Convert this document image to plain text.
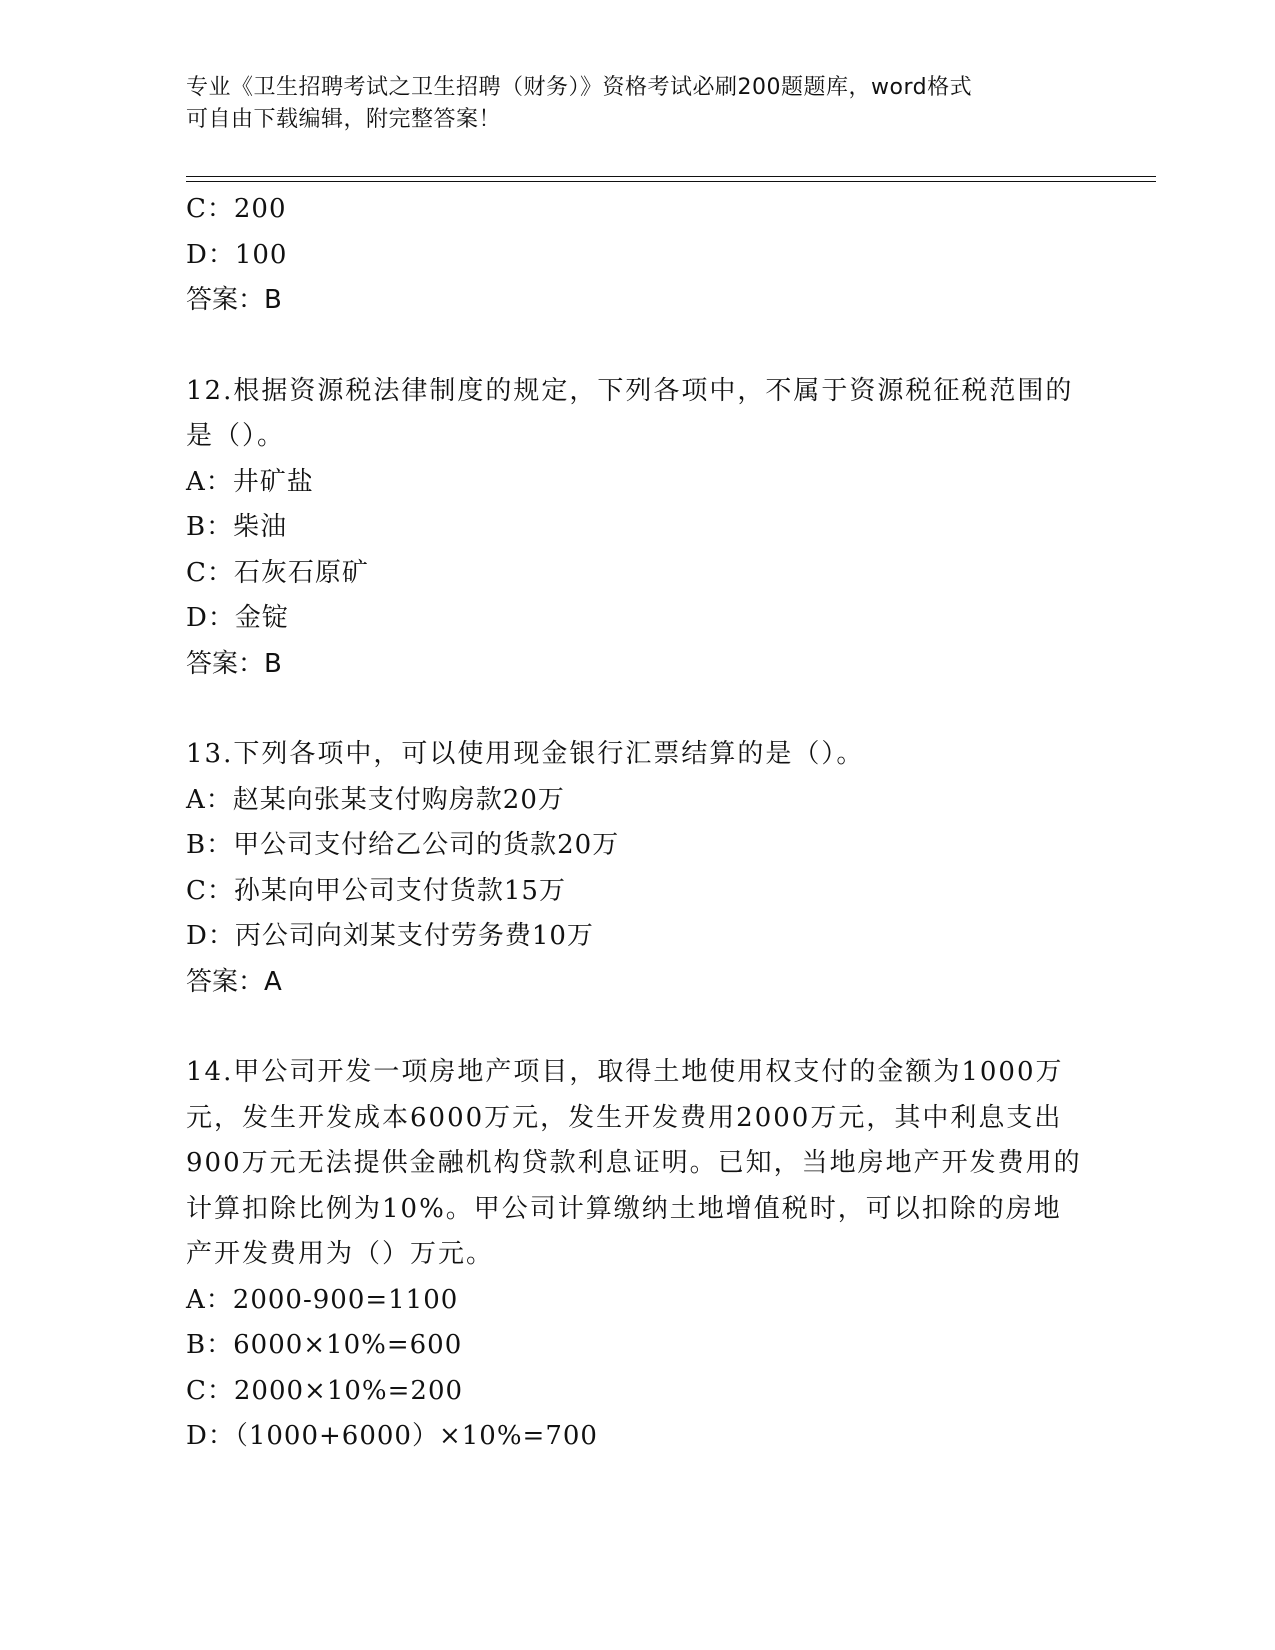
专业《卫生招聘考试之卫生招聘（财务）》资格考试必刷200题题库，word格式
可自由下载编辑，附完整答案！
C：200
D：100
答案：B
12.根据资源税法律制度的规定，下列各项中，不属于资源税征税范围的是（）。
A：井矿盐
B：柴油
C：石灰石原矿
D：金锭
答案：B
13.下列各项中，可以使用现金银行汇票结算的是（）。
A：赵某向张某支付购房款20万
B：甲公司支付给乙公司的货款20万
C：孙某向甲公司支付货款15万
D：丙公司向刘某支付劳务费10万
答案：A
14.甲公司开发一项房地产项目，取得土地使用权支付的金额为1000万元，发生开发成本6000万元，发生开发费用2000万元，其中利息支出900万元无法提供金融机构贷款利息证明。已知，当地房地产开发费用的计算扣除比例为10%。甲公司计算缴纳土地增值税时，可以扣除的房地产开发费用为（）万元。
A：2000-900=1100
B：6000×10%=600
C：2000×10%=200
D：（1000+6000）×10%=700
